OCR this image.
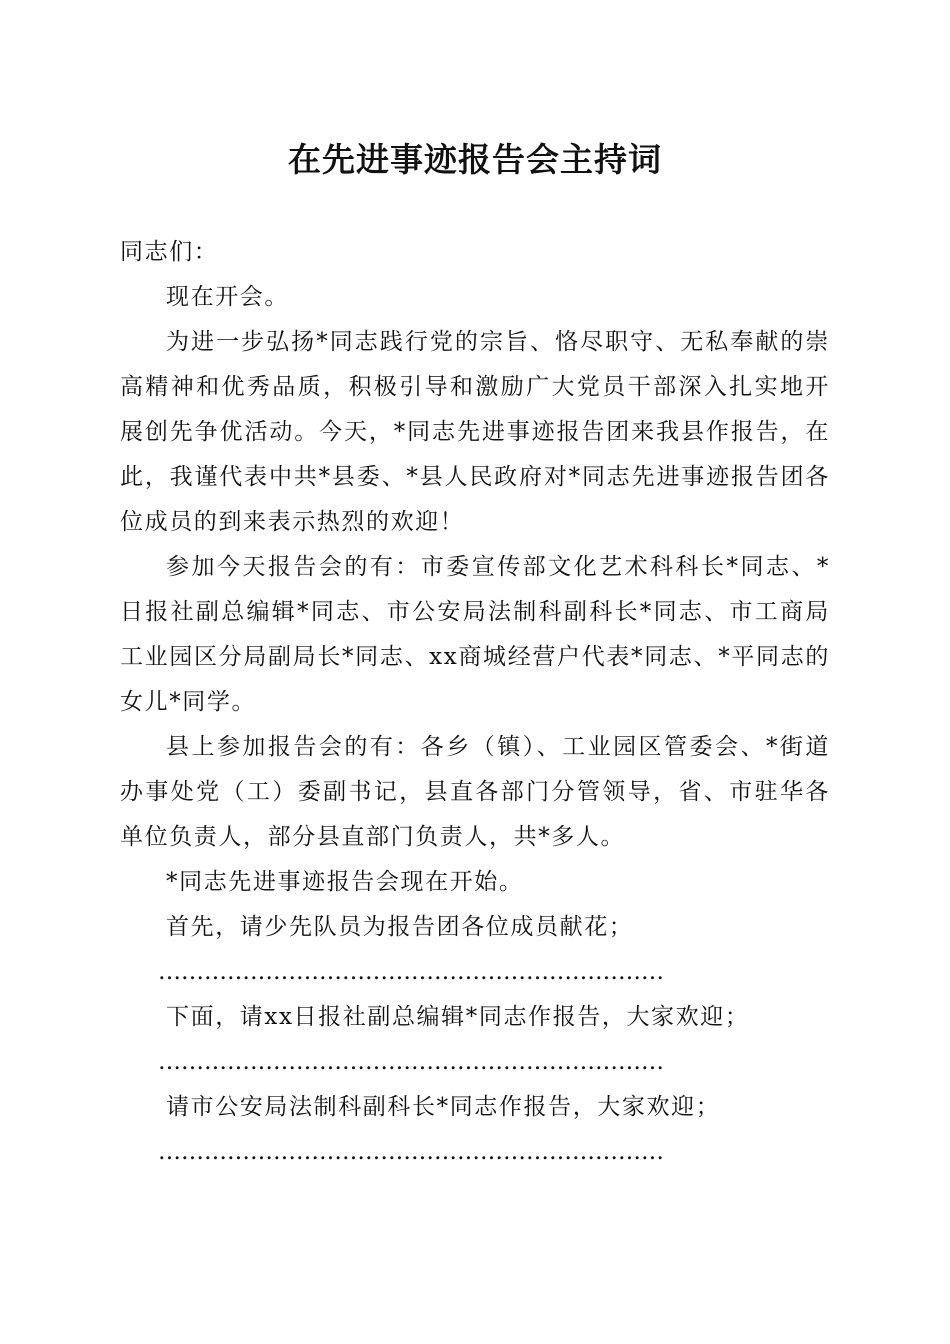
在先进事迹报告会主持词

同志们：

现在开会。

为进一步弘扬*同志践行党的宗旨、恪尽职守、无私奉献的崇高精神和优秀品质，积极引导和激励广大党员干部深入扎实地开展创先争优活动。今天，*同志先进事迹报告团来我县作报告，在此，我谨代表中共*县委、*县人民政府对*同志先进事迹报告团各位成员的到来表示热烈的欢迎！

参加今天报告会的有：市委宣传部文化艺术科科长*同志、*日报社副总编辑*同志、市公安局法制科副科长*同志、市工商局工业园区分局副局长*同志、xx商城经营户代表*同志、*平同志的女儿*同学。

县上参加报告会的有：各乡（镇）、工业园区管委会、*街道办事处党（工）委副书记，县直各部门分管领导，省、市驻华各单位负责人，部分县直部门负责人，共*多人。

*同志先进事迹报告会现在开始。

首先，请少先队员为报告团各位成员献花；

…………………………………………………………

下面，请xx日报社副总编辑*同志作报告，大家欢迎；

…………………………………………………………

请市公安局法制科副科长*同志作报告，大家欢迎；

…………………………………………………………
